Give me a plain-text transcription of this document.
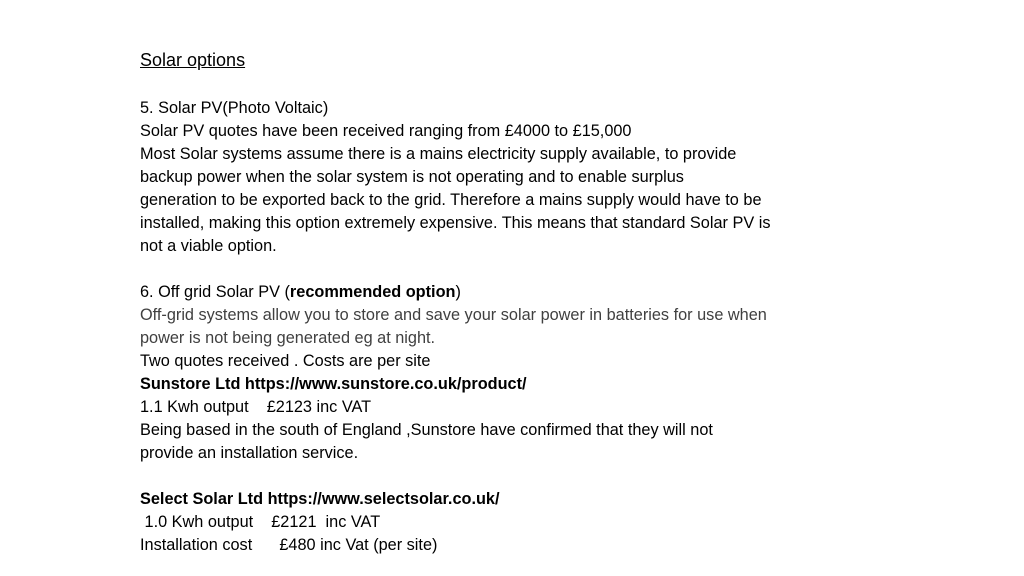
Solar options
5. Solar PV(Photo Voltaic)
Solar PV quotes have been received ranging from £4000 to £15,000
Most Solar systems assume there is a mains electricity supply available, to provide
backup power when the solar system is not operating and to enable surplus
generation to be exported back to the grid. Therefore a mains supply would have to be
installed, making this option extremely expensive. This means that standard Solar PV is
not a viable option.
6. Off grid Solar PV (recommended option)
Off-grid systems allow you to store and save your solar power in batteries for use when
power is not being generated eg at night.
Two quotes received . Costs are per site
Sunstore Ltd https://www.sunstore.co.uk/product/
1.1 Kwh output    £2123 inc VAT
Being based in the south of England ,Sunstore have confirmed that they will not
provide an installation service.
Select Solar Ltd https://www.selectsolar.co.uk/
1.0 Kwh output    £2121  inc VAT
Installation cost      £480 inc Vat (per site)
